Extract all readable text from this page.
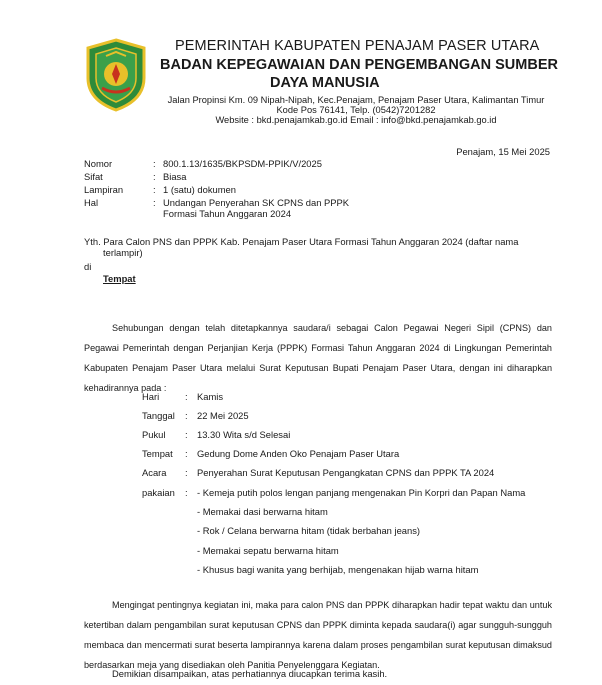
PEMERINTAH KABUPATEN PENAJAM PASER UTARA
BADAN KEPEGAWAIAN DAN PENGEMBANGAN SUMBER
DAYA MANUSIA
Jalan Propinsi Km. 09 Nipah-Nipah, Kec.Penajam, Penajam Paser Utara, Kalimantan Timur
Kode Pos 76141, Telp. (0542)7201282
Website : bkd.penajamkab.go.id Email : info@bkd.penajamkab.go.id
Penajam, 15 Mei 2025
Nomor	: 800.1.13/1635/BKPSDM-PPIK/V/2025
Sifat	: Biasa
Lampiran	: 1 (satu) dokumen
Hal	: Undangan Penyerahan SK CPNS dan PPPK
Formasi Tahun Anggaran 2024
Yth. Para Calon PNS dan PPPK Kab. Penajam Paser Utara Formasi Tahun Anggaran 2024 (daftar nama
terlampir)
di
Tempat
Sehubungan dengan telah ditetapkannya saudara/i sebagai Calon Pegawai Negeri Sipil (CPNS) dan Pegawai Pemerintah dengan Perjanjian Kerja (PPPK) Formasi Tahun Anggaran 2024 di Lingkungan Pemerintah Kabupaten Penajam Paser Utara melalui Surat Keputusan Bupati Penajam Paser Utara, dengan ini diharapkan kehadirannya pada :
Hari	: Kamis
Tanggal : 22 Mei 2025
Pukul : 13.30 Wita s/d Selesai
Tempat : Gedung Dome Anden Oko Penajam Paser Utara
Acara : Penyerahan Surat Keputusan Pengangkatan CPNS dan PPPK TA 2024
pakaian : - Kemeja putih polos lengan panjang mengenakan Pin Korpri dan Papan Nama
- Memakai dasi berwarna hitam
- Rok / Celana berwarna hitam (tidak berbahan jeans)
- Memakai sepatu berwarna hitam
- Khusus bagi wanita yang berhijab, mengenakan hijab warna hitam
Mengingat pentingnya kegiatan ini, maka para calon PNS dan PPPK diharapkan hadir tepat waktu dan untuk ketertiban dalam pengambilan surat keputusan CPNS dan PPPK diminta kepada saudara(i) agar sungguh-sungguh membaca dan mencermati surat beserta lampirannya karena dalam proses pengambilan surat keputusan dimaksud berdasarkan meja yang disediakan oleh Panitia Penyelenggara Kegiatan.
Demikian disampaikan, atas perhatiannya diucapkan terima kasih.
